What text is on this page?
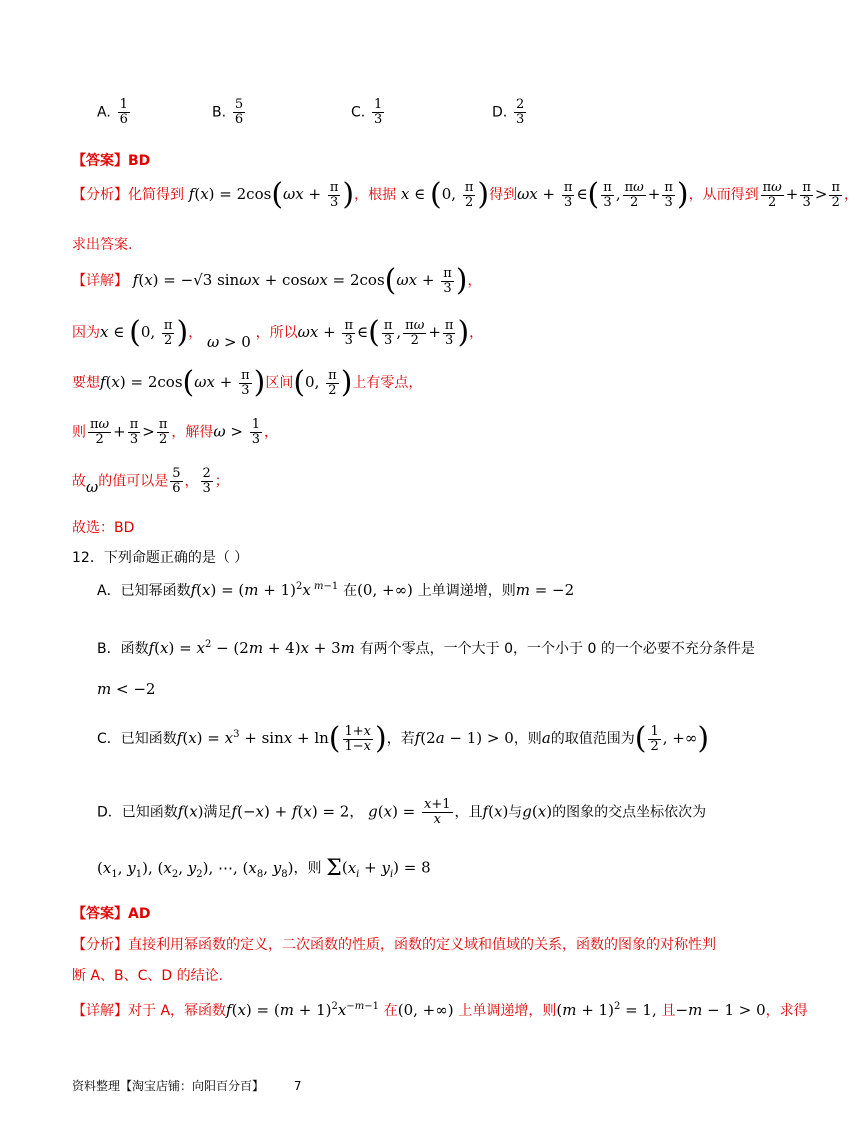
A. $\frac{1}{6}$	B. $\frac{5}{6}$	C. $\frac{1}{3}$	D. $\frac{2}{3}$
【答案】BD
【分析】化简得到 $f(x) = 2\cos(\omega x + \frac{\pi}{3}$ )，根据 x ∈ (0, $\frac{\pi}{2}$ )得到$\omega x + \frac{\pi}{3}$ ∈( $\frac{\pi}{3}$ , $\frac{\pi\omega}{2} + \frac{\pi}{3}$ )，从而得到 $\frac{\pi\omega}{2} + \frac{\pi}{3} > \frac{\pi}{2}$ ，
求出答案.
【详解】 f(x) = −√3 $\sin\omega x + \cos\omega x = 2\cos(\omega x + \frac{\pi}{3}$ )，
因为x ∈ (0, $\frac{\pi}{2}$ )， ω > 0 ，所以$\omega x + \frac{\pi}{3}$ ∈( $\frac{\pi}{3}$ , $\frac{\pi\omega}{2} + \frac{\pi}{3}$ )，
要想$f(x) = 2\cos(\omega x + \frac{\pi}{3}$ )区间(0, $\frac{\pi}{2}$ )上有零点，
则 $\frac{\pi\omega}{2} + \frac{\pi}{3} > \frac{\pi}{2}$ ，解得$\omega > \frac{1}{3}$ ，
故ω的值可以是 $\frac{5}{6}$ ， $\frac{2}{3}$ ；
故选：BD
12．下列命题正确的是（ ）
A．已知幂函数$f(x) = (m + 1)^2x$ $^{m-1}$ 在(0, +∞) 上单调递增，则m = −2
B．函数$f(x) = x^2 - (2m + 4)x + 3m$ 有两个零点，一个大于 0，一个小于 0 的一个必要不充分条件是
m < −2
C．已知函数$f(x) = x^3 + \sin x + \ln( \frac{1+x}{1-x}$ )，若f(2a − 1) > 0，则a的取值范围为( $\frac{1}{2}$ , +∞)
D．已知函数f(x)满足f(−x) + f(x) = 2， $g(x) = \frac{x+1}{x}$ ，且f(x)与g(x)的图象的交点坐标依次为
($x_1$, $y_1$), ($x_2$, $y_2$), ⋯, ($x_8$, $y_8$)，则 $\Sigma(x_i + y_i) = 8$
【答案】AD
【分析】直接利用幂函数的定义，二次函数的性质，函数的定义域和值域的关系，函数的图象的对称性判
断 A、B、C、D 的结论.
【详解】对于 A，幂函数$f(x) = (m + 1)^2x^{-m-1}$ 在(0, +∞) 上单调递增，则$(m + 1)^2 = 1$, 且−m − 1 > 0，求得
资料整理【淘宝店铺：向阳百分百】 7
